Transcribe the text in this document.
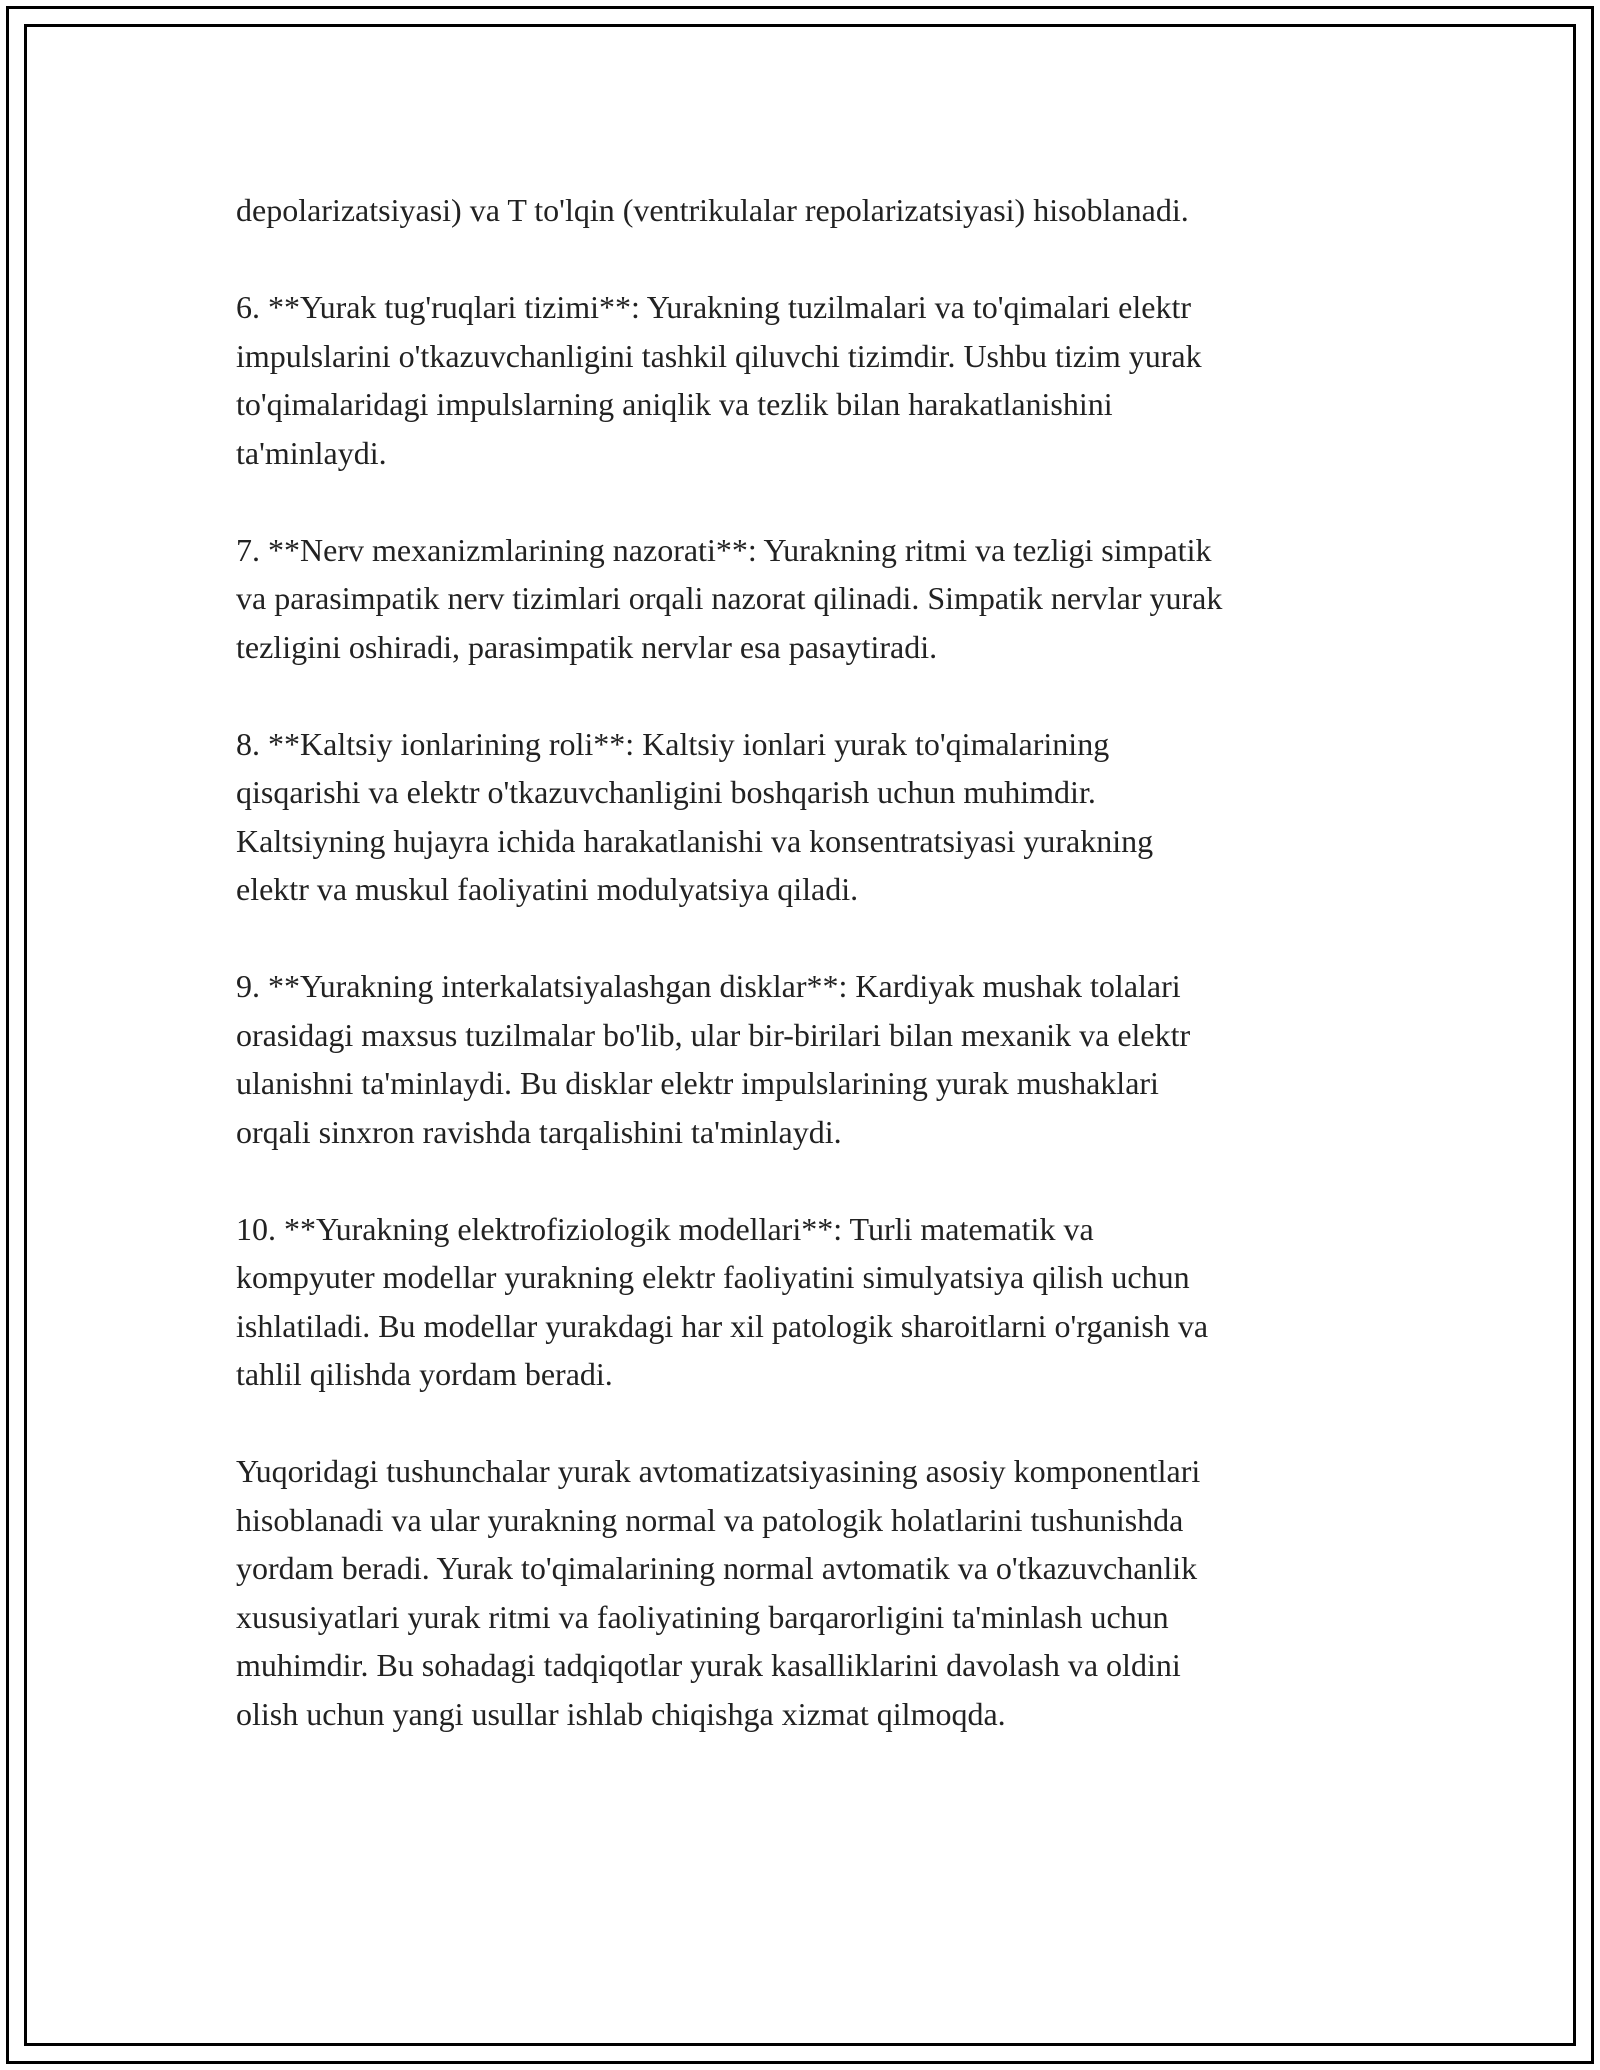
depolarizatsiyasi) va T to'lqin (ventrikulalar repolarizatsiyasi) hisoblanadi.

6. **Yurak tug'ruqlari tizimi**: Yurakning tuzilmalari va to'qimalari elektr
impulslarini o'tkazuvchanligini tashkil qiluvchi tizimdir. Ushbu tizim yurak
to'qimalaridagi impulslarning aniqlik va tezlik bilan harakatlanishini
ta'minlaydi.

7. **Nerv mexanizmlarining nazorati**: Yurakning ritmi va tezligi simpatik
va parasimpatik nerv tizimlari orqali nazorat qilinadi. Simpatik nervlar yurak
tezligini oshiradi, parasimpatik nervlar esa pasaytiradi.

8. **Kaltsiy ionlarining roli**: Kaltsiy ionlari yurak to'qimalarining
qisqarishi va elektr o'tkazuvchanligini boshqarish uchun muhimdir.
Kaltsiyning hujayra ichida harakatlanishi va konsentratsiyasi yurakning
elektr va muskul faoliyatini modulyatsiya qiladi.

9. **Yurakning interkalatsiyalashgan disklar**: Kardiyak mushak tolalari
orasidagi maxsus tuzilmalar bo'lib, ular bir-birilari bilan mexanik va elektr
ulanishni ta'minlaydi. Bu disklar elektr impulslarining yurak mushaklari
orqali sinxron ravishda tarqalishini ta'minlaydi.

10. **Yurakning elektrofiziologik modellari**: Turli matematik va
kompyuter modellar yurakning elektr faoliyatini simulyatsiya qilish uchun
ishlatiladi. Bu modellar yurakdagi har xil patologik sharoitlarni o'rganish va
tahlil qilishda yordam beradi.

Yuqoridagi tushunchalar yurak avtomatizatsiyasining asosiy komponentlari
hisoblanadi va ular yurakning normal va patologik holatlarini tushunishda
yordam beradi. Yurak to'qimalarining normal avtomatik va o'tkazuvchanlik
xususiyatlari yurak ritmi va faoliyatining barqarorligini ta'minlash uchun
muhimdir. Bu sohadagi tadqiqotlar yurak kasalliklarini davolash va oldini
olish uchun yangi usullar ishlab chiqishga xizmat qilmoqda.
